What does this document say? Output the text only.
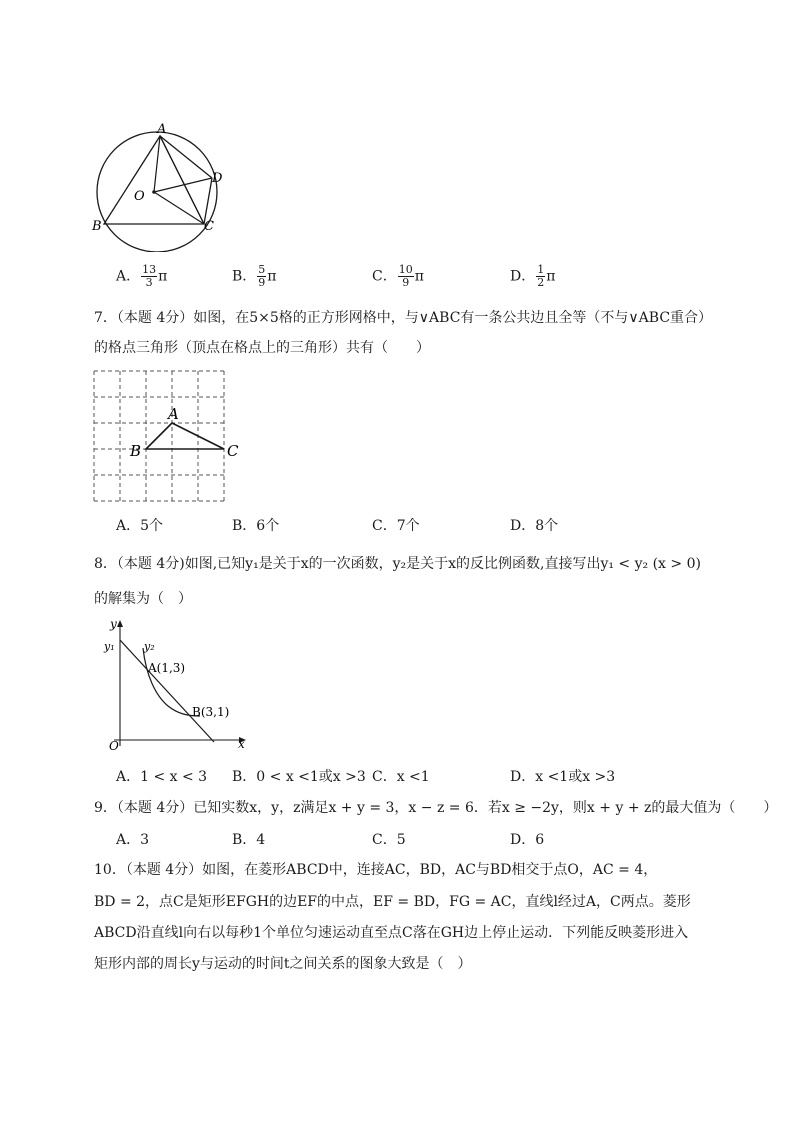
A
B	C
D
O
A． $\frac{13}{3}$ π	B． $\frac{5}{9}$ π	C． $\frac{10}{9}$ π	D． $\frac{1}{2}$ π
7．（本题 4分）如图，在5×5格的正方形网格中，与∨ABC有一条公共边且全等（不与∨ABC重合）
的格点三角形（顶点在格点上的三角形）共有（　　）
A
B	C
A．5个	B．6个	C．7个	D．8个
8．（本题 4分)如图,已知y₁是关于x的一次函数，y₂是关于x的反比例函数,直接写出y₁ < y₂ (x > 0)
的解集为（　）
y
x
O
y₁	y₂
A(1,3)
B(3,1)
A．1 < x < 3 B．0 < x <1或x >3 C．x <1	D．x <1或x >3
9．（本题 4分）已知实数x，y，z满足x + y = 3，x − z = 6．若x ≥ −2y，则x + y + z的最大值为（　　）
A．3	B．4	C．5	D．6
10．（本题 4分）如图，在菱形ABCD中，连接AC，BD，AC与BD相交于点O，AC = 4，
BD = 2，点C是矩形EFGH的边EF的中点，EF = BD，FG = AC，直线l经过A，C两点。菱形
ABCD沿直线l向右以每秒1个单位匀速运动直至点C落在GH边上停止运动．下列能反映菱形进入
矩形内部的周长y与运动的时间t之间关系的图象大致是（　）
